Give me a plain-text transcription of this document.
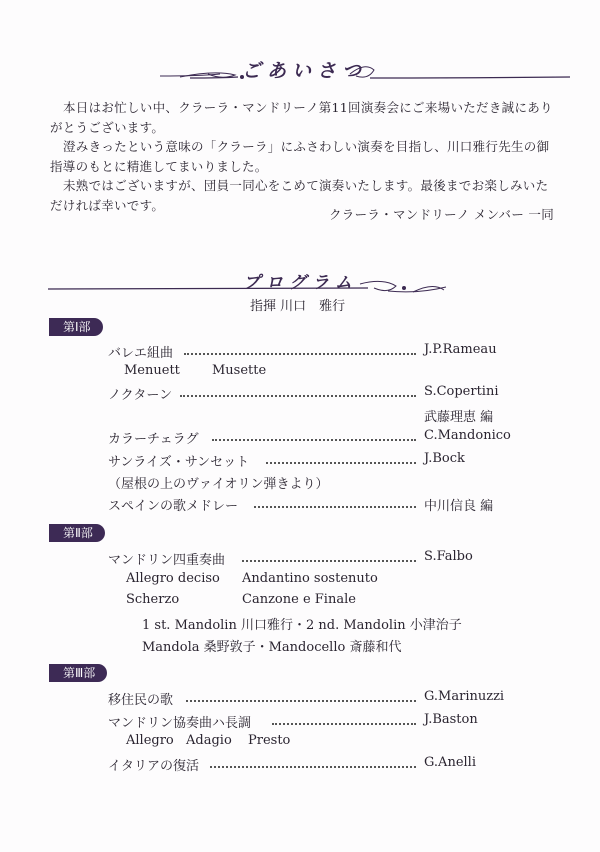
ごあいさつ
本日はお忙しい中、クラーラ・マンドリーノ第11回演奏会にご来場いただき誠にありがとうございます。
澄みきったという意味の「クラーラ」にふさわしい演奏を目指し、川口雅行先生の御指導のもとに精進してまいりました。
未熟ではございますが、団員一同心をこめて演奏いたします。最後までお楽しみいただければ幸いです。
クラーラ・マンドリーノ メンバー 一同
プログラム
指揮 川口　雅行
第Ⅰ部
バレエ組曲	J.P.Rameau
Menuett Musette
ノクターン	S.Copertini
武藤理恵 編
カラーチェラグ	C.Mandonico
サンライズ・サンセット	J.Bock
（屋根の上のヴァイオリン弾きより）
スペインの歌メドレー	中川信良 編
第Ⅱ部
マンドリン四重奏曲	S.Falbo
Allegro deciso Andantino sostenuto
Scherzo	Canzone e Finale
1 st. Mandolin 川口雅行・2 nd. Mandolin 小津治子
Mandola 桑野敦子・Mandocello 斎藤和代
第Ⅲ部
移住民の歌	G.Marinuzzi
マンドリン協奏曲ハ長調	J.Baston
Allegro Adagio Presto
イタリアの復活	G.Anelli
